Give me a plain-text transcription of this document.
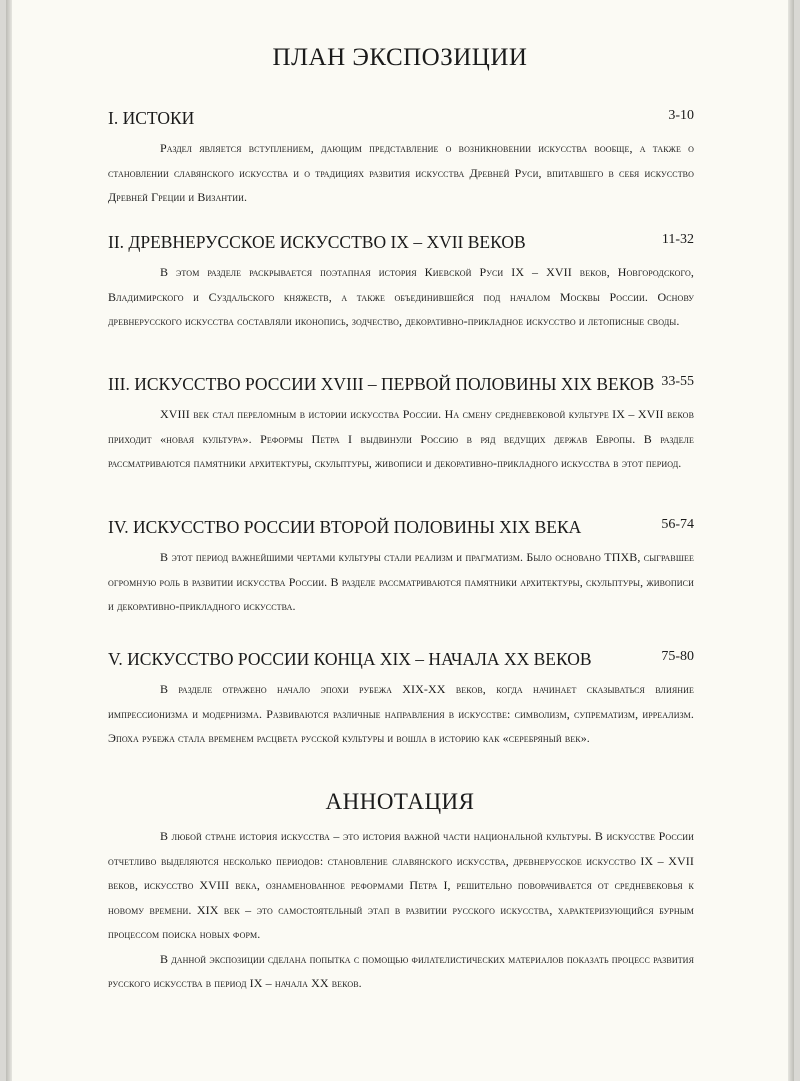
ПЛАН ЭКСПОЗИЦИИ
I. ИСТОКИ	3-10

Раздел является вступлением, дающим представление о возникновении искусства вообще, а также о становлении славянского искусства и о традициях развития искусства Древней Руси, впитавшего в себя искусство Древней Греции и Византии.

II. ДРЕВНЕРУССКОЕ ИСКУССТВО IX – XVII ВЕКОВ	11-32

В этом разделе раскрывается поэтапная история Киевской Руси IX – XVII веков, Новгородского, Владимирского и Суздальского княжеств, а также объединившейся под началом Москвы России. Основу древнерусского искусства составляли иконопись, зодчество, декоративно-прикладное искусство и летописные своды.

III. ИСКУССТВО РОССИИ XVIII – ПЕРВОЙ ПОЛОВИНЫ XIX ВЕКОВ 33-55

XVIII век стал переломным в истории искусства России. На смену средневековой культуре IX – XVII веков приходит «новая культура». Реформы Петра I выдвинули Россию в ряд ведущих держав Европы. В разделе рассматриваются памятники архитектуры, скульптуры, живописи и декоративно-прикладного искусства в этот период.

IV. ИСКУССТВО РОССИИ ВТОРОЙ ПОЛОВИНЫ XIX ВЕКА	56-74

В этот период важнейшими чертами культуры стали реализм и прагматизм. Было основано ТПХВ, сыгравшее огромную роль в развитии искусства России. В разделе рассматриваются памятники архитектуры, скульптуры, живописи и декоративно-прикладного искусства.

V. ИСКУССТВО РОССИИ КОНЦА XIX – НАЧАЛА XX ВЕКОВ	75-80

В разделе отражено начало эпохи рубежа XIX-XX веков, когда начинает сказываться влияние импрессионизма и модернизма. Развиваются различные направления в искусстве: символизм, супрематизм, ирреализм. Эпоха рубежа стала временем расцвета русской культуры и вошла в историю как «серебряный век».

АННОТАЦИЯ

В любой стране история искусства – это история важной части национальной культуры. В искусстве России отчетливо выделяются несколько периодов: становление славянского искусства, древнерусское искусство IX – XVII веков, искусство XVIII века, ознаменованное реформами Петра I, решительно поворачивается от средневековья к новому времени. XIX век – это самостоятельный этап в развитии русского искусства, характеризующийся бурным процессом поиска новых форм.

В данной экспозиции сделана попытка с помощью филателистических материалов показать процесс развития русского искусства в период IX – начала XX веков.
